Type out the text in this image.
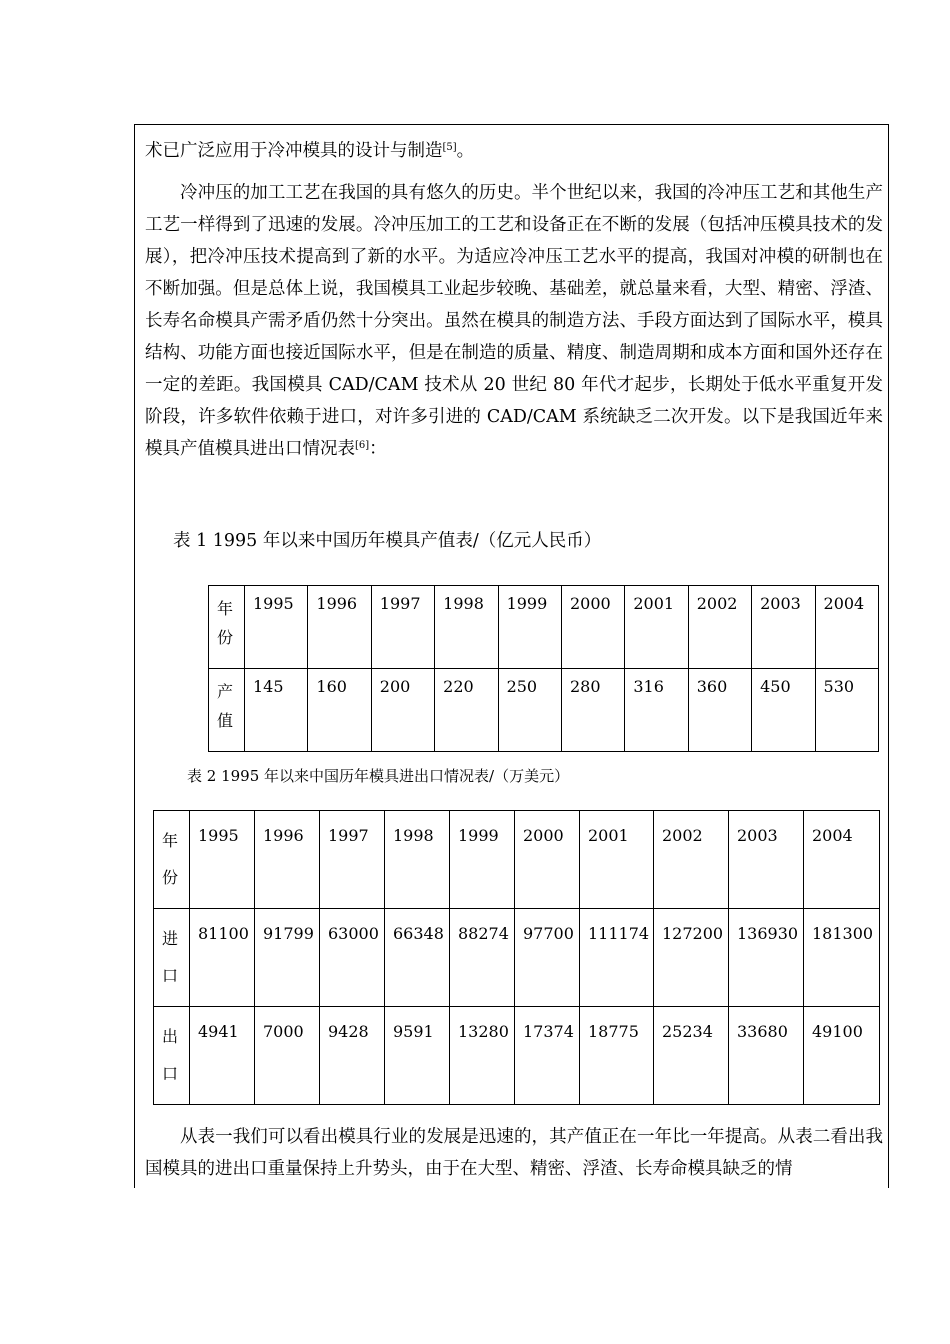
术已广泛应用于冷冲模具的设计与制造[5]。

冷冲压的加工工艺在我国的具有悠久的历史。半个世纪以来，我国的冷冲压工艺和其他生产工艺一样得到了迅速的发展。冷冲压加工的工艺和设备正在不断的发展（包括冲压模具技术的发展），把冷冲压技术提高到了新的水平。为适应冷冲压工艺水平的提高，我国对冲模的研制也在不断加强。但是总体上说，我国模具工业起步较晚、基础差，就总量来看，大型、精密、浮渣、长寿名命模具产需矛盾仍然十分突出。虽然在模具的制造方法、手段方面达到了国际水平，模具结构、功能方面也接近国际水平，但是在制造的质量、精度、制造周期和成本方面和国外还存在一定的差距。我国模具 CAD/CAM 技术从 20 世纪 80 年代才起步，长期处于低水平重复开发阶段，许多软件依赖于进口，对许多引进的 CAD/CAM 系统缺乏二次开发。以下是我国近年来模具产值模具进出口情况表[6]：

表 1 1995 年以来中国历年模具产值表/（亿元人民币）

年
份	1995	1996	1997	1998	1999	2000	2001	2002	2003	2004

产
值	145	160	200	220	250	280	316	360	450	530

表 2 1995 年以来中国历年模具进出口情况表/（万美元）

年
份	1995	1996	1997	1998	1999	2000	2001	2002	2003	2004

进
口	81100	91799	63000	66348	88274	97700	111174	127200	136930	181300

出
口	4941	7000	9428	9591	13280	17374	18775	25234	33680	49100

从表一我们可以看出模具行业的发展是迅速的，其产值正在一年比一年提高。从表二看出我国模具的进出口重量保持上升势头，由于在大型、精密、浮渣、长寿命模具缺乏的情
